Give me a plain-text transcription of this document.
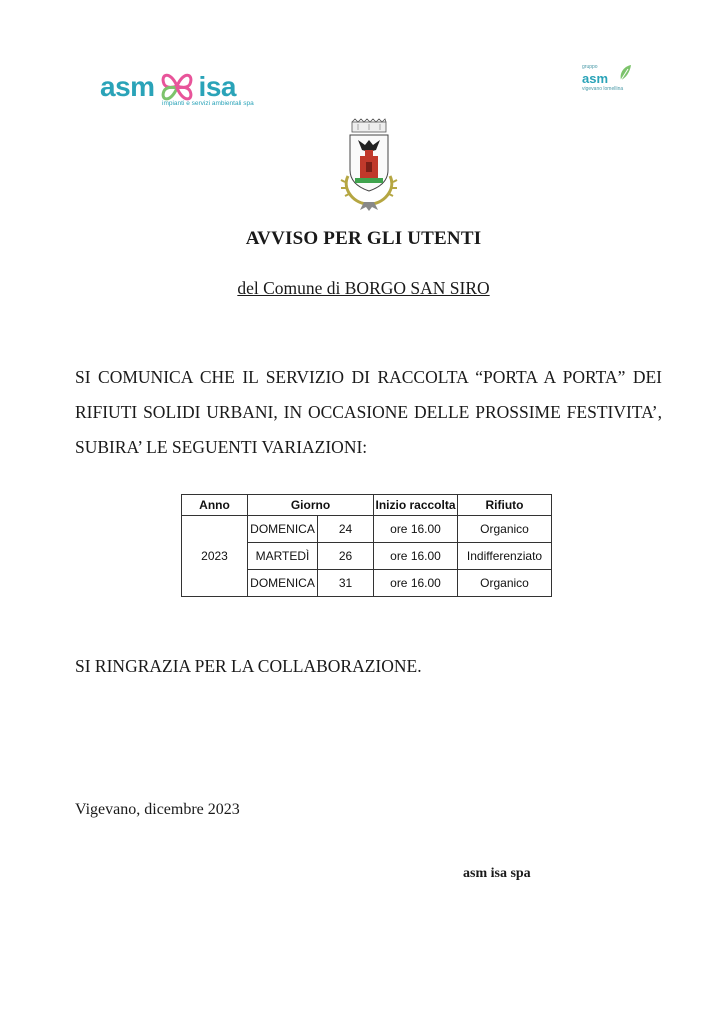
asm isa
impianti e servizi ambientali spa
gruppo
asm
vigevano lomellina
AVVISO PER GLI UTENTI
del Comune di BORGO SAN SIRO
SI COMUNICA CHE IL SERVIZIO DI RACCOLTA “PORTA A PORTA” DEI RIFIUTI SOLIDI URBANI, IN OCCASIONE DELLE PROSSIME FESTIVITA’, SUBIRA’ LE SEGUENTI VARIAZIONI:
Anno	Giorno		Inizio raccolta	Rifiuto
2023	DOMENICA	24	ore 16.00	Organico
	MARTEDÌ	26	ore 16.00	Indifferenziato
	DOMENICA	31	ore 16.00	Organico
SI RINGRAZIA PER LA COLLABORAZIONE.
Vigevano, dicembre 2023
asm isa spa
